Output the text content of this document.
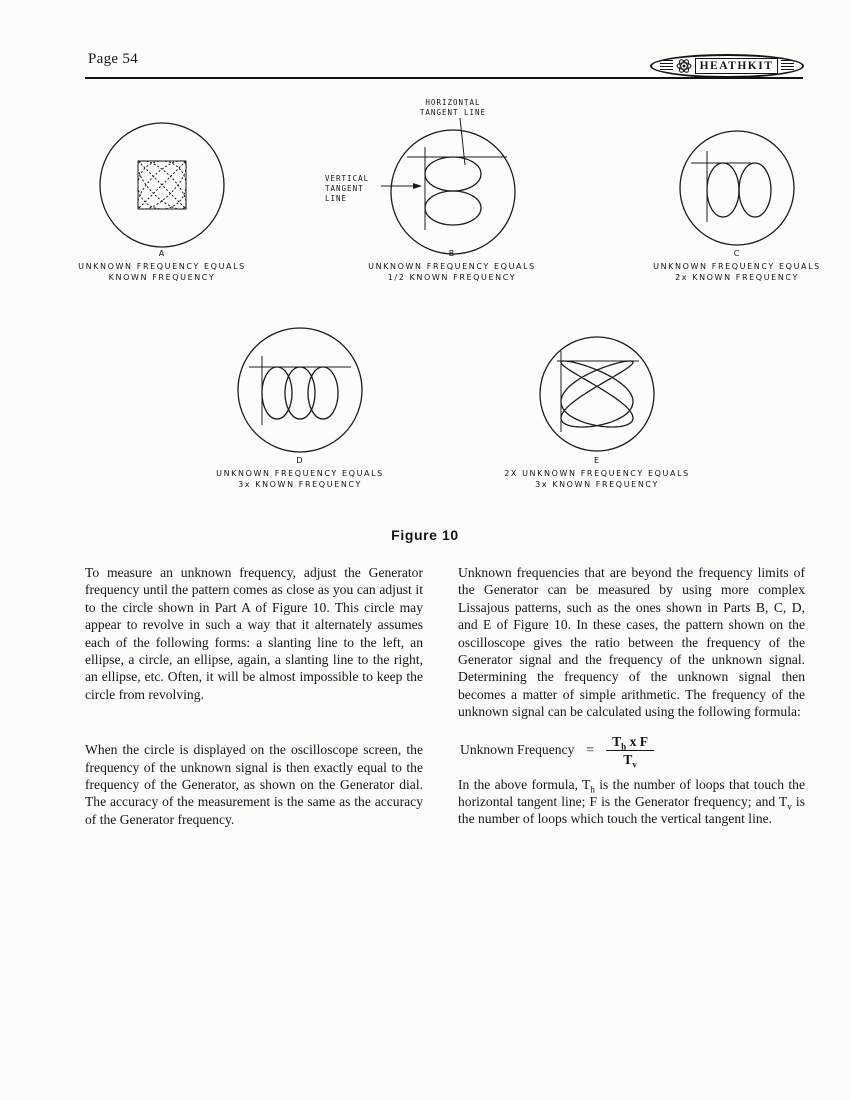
Page 54	HEATHKIT
A
UNKNOWN FREQUENCY EQUALS
KNOWN FREQUENCY
HORIZONTAL
TANGENT LINE
VERTICAL
TANGENT
LINE
B
UNKNOWN FREQUENCY EQUALS
1/2 KNOWN FREQUENCY
C
UNKNOWN FREQUENCY EQUALS
2x KNOWN FREQUENCY
D
UNKNOWN FREQUENCY EQUALS
3x KNOWN FREQUENCY
E
2X UNKNOWN FREQUENCY EQUALS
3x KNOWN FREQUENCY
Figure 10

To measure an unknown frequency, adjust the Generator frequency until the pattern comes as close as you can adjust it to the circle shown in Part A of Figure 10. This circle may appear to revolve in such a way that it alternately assumes each of the following forms: a slanting line to the left, an ellipse, a circle, an ellipse, again, a slanting line to the right, an ellipse, etc. Often, it will be almost impossible to keep the circle from revolving.

When the circle is displayed on the oscilloscope screen, the frequency of the unknown signal is then exactly equal to the frequency of the Generator, as shown on the Generator dial. The accuracy of the measurement is the same as the accuracy of the Generator frequency.

Unknown frequencies that are beyond the frequency limits of the Generator can be measured by using more complex Lissajous patterns, such as the ones shown in Parts B, C, D, and E of Figure 10. In these cases, the pattern shown on the oscilloscope gives the ratio between the frequency of the Generator signal and the frequency of the unknown signal. Determining the frequency of the unknown signal then becomes a matter of simple arithmetic. The frequency of the unknown signal can be calculated using the following formula:

Unknown Frequency = $\frac{T_h x F}{T_v}$

In the above formula, $T_h$ is the number of loops that touch the horizontal tangent line; F is the Generator frequency; and $T_v$ is the number of loops which touch the vertical tangent line.
